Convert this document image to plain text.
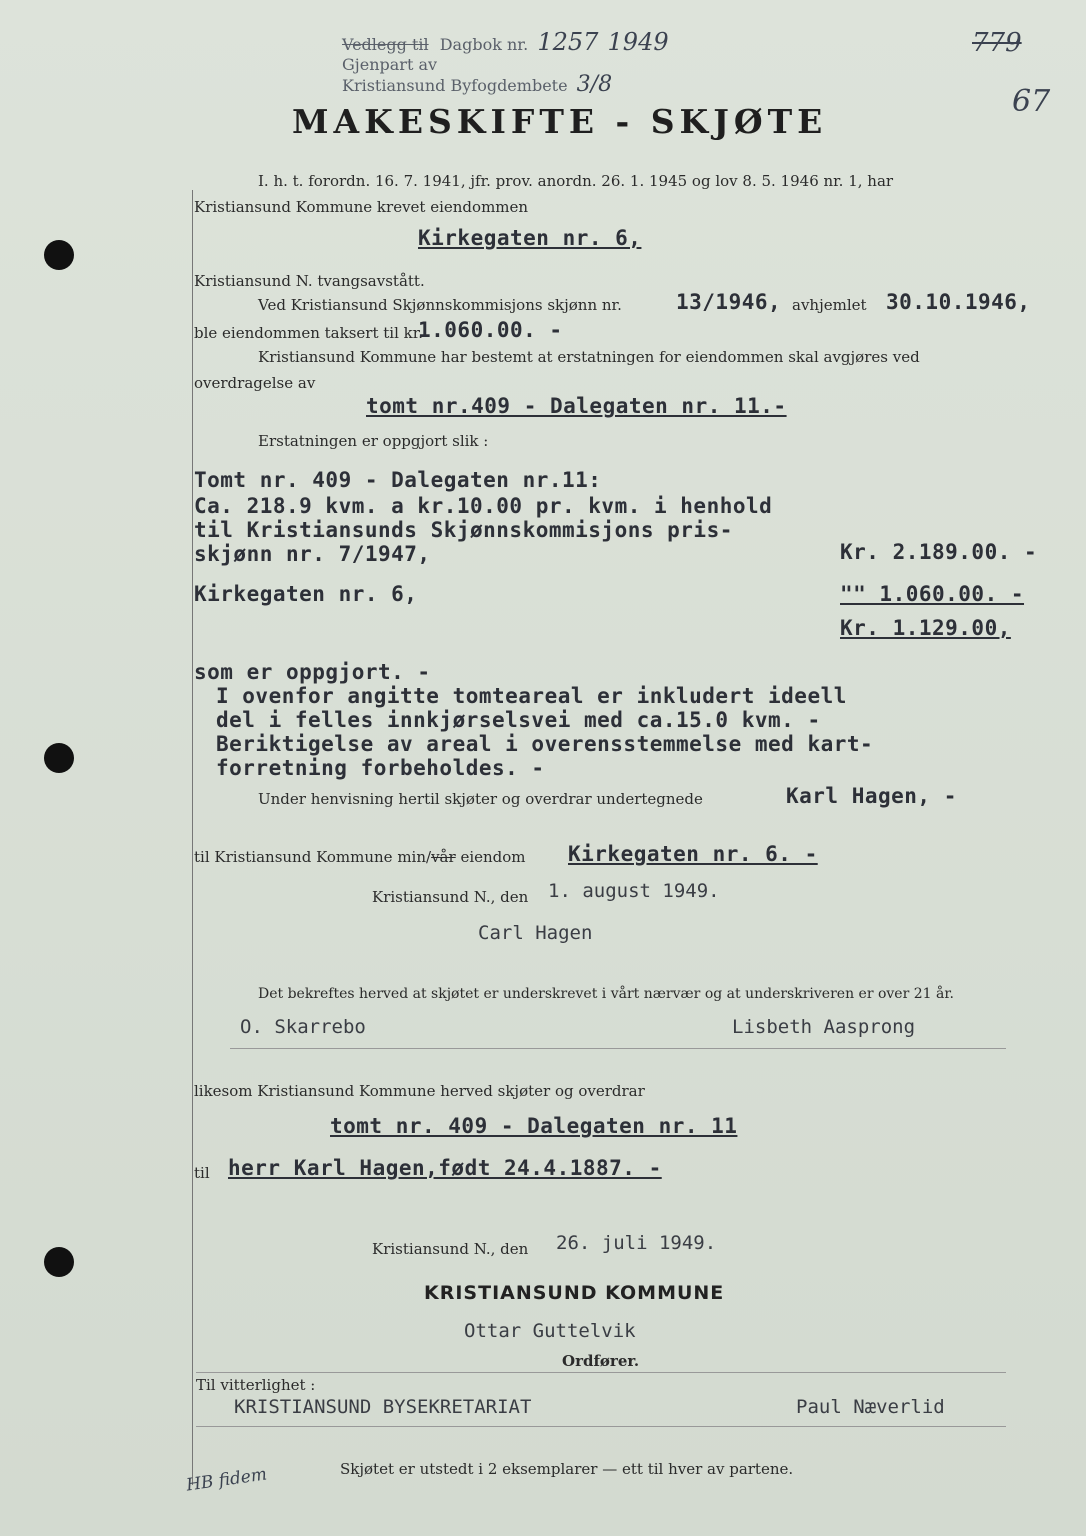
Vedlegg til Dagbok nr. 1257 1949
Gjenpart av
Kristiansund Byfogdembete 3/8
779
67
MAKESKIFTE - SKJØTE
I. h. t. forordn. 16. 7. 1941, jfr. prov. anordn. 26. 1. 1945 og lov 8. 5. 1946 nr. 1, har
Kristiansund Kommune krevet eiendommen
Kirkegaten nr. 6,
Kristiansund N. tvangsavstått.
Ved Kristiansund Skjønnskommisjons skjønn nr.	13/1946, avhjemlet 30.10.1946,
ble eiendommen taksert til kr.
1.060.00. -
Kristiansund Kommune har bestemt at erstatningen for eiendommen skal avgjøres ved
overdragelse av
tomt nr.409 - Dalegaten nr. 11.-
Erstatningen er oppgjort slik :
Tomt nr. 409 - Dalegaten nr.11:
Ca. 218.9 kvm. a kr.10.00 pr. kvm. i henhold
til Kristiansunds Skjønnskommisjons pris-
skjønn nr. 7/1947,	Kr. 2.189.00. -
Kirkegaten nr. 6,	"" 1.060.00. -
Kr. 1.129.00,
som er oppgjort. -
I ovenfor angitte tomteareal er inkludert ideell
del i felles innkjørselsvei med ca.15.0 kvm. -
Beriktigelse av areal i overensstemmelse med kart-
forretning forbeholdes. -
Under henvisning hertil skjøter og overdrar undertegnede	Karl Hagen, -
til Kristiansund Kommune min/vår eiendom Kirkegaten nr. 6. -
Kristiansund N., den 1. august 1949.
Carl Hagen
Det bekreftes herved at skjøtet er underskrevet i vårt nærvær og at underskriveren er over 21 år.
O. Skarrebo	Lisbeth Aasprong
likesom Kristiansund Kommune herved skjøter og overdrar
tomt nr. 409 - Dalegaten nr. 11
til herr Karl Hagen,født 24.4.1887. -
Kristiansund N., den 26. juli 1949.
KRISTIANSUND KOMMUNE
Ottar Guttelvik
Ordfører.
Til vitterlighet :
KRISTIANSUND BYSEKRETARIAT	Paul Næverlid
Skjøtet er utstedt i 2 eksemplarer — ett til hver av partene.
HB fidem
